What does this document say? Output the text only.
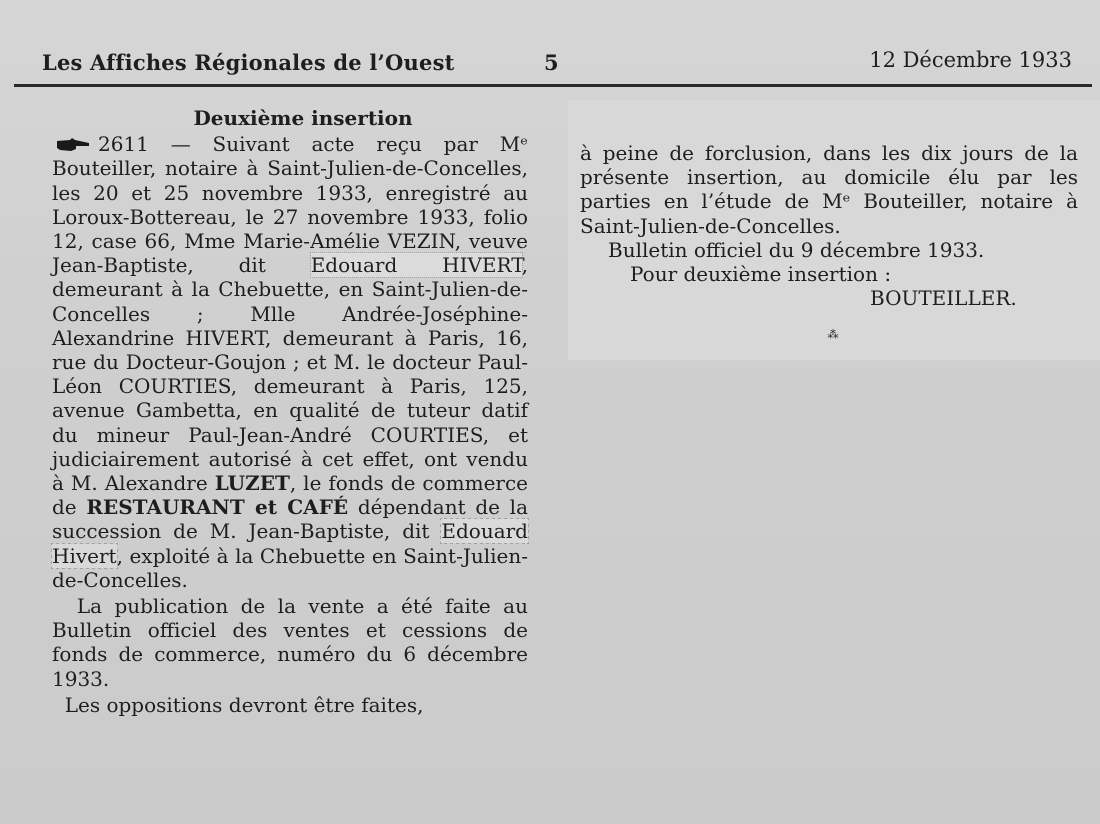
Les Affiches Régionales de l’Ouest	5	12 Décembre 1933
Deuxième insertion

2611 — Suivant acte reçu par Mᵉ Bouteiller, notaire à Saint-Julien-de-Concelles, les 20 et 25 novembre 1933, enregistré au Loroux-Bottereau, le 27 novembre 1933, folio 12, case 66, Mme Marie-Amélie VEZIN, veuve Jean-Baptiste, dit Edouard HIVERT, demeurant à la Chebuette, en Saint-Julien-de-Concelles ; Mlle Andrée-Joséphine-Alexandrine HIVERT, demeurant à Paris, 16, rue du Docteur-Goujon ; et M. le docteur Paul-Léon COURTIES, demeurant à Paris, 125, avenue Gambetta, en qualité de tuteur datif du mineur Paul-Jean-André COURTIES, et judiciairement autorisé à cet effet, ont vendu à M. Alexandre LUZET, le fonds de commerce de RESTAURANT et CAFÉ dépendant de la succession de M. Jean-Baptiste, dit Edouard Hivert, exploité à la Chebuette en Saint-Julien-de-Concelles.

La publication de la vente a été faite au Bulletin officiel des ventes et cessions de fonds de commerce, numéro du 6 décembre 1933.

Les oppositions devront être faites,

à peine de forclusion, dans les dix jours de la présente insertion, au domicile élu par les parties en l’étude de Mᵉ Bouteiller, notaire à Saint-Julien-de-Concelles.

Bulletin officiel du 9 décembre 1933.
Pour deuxième insertion :
BOUTEILLER.
⁂
